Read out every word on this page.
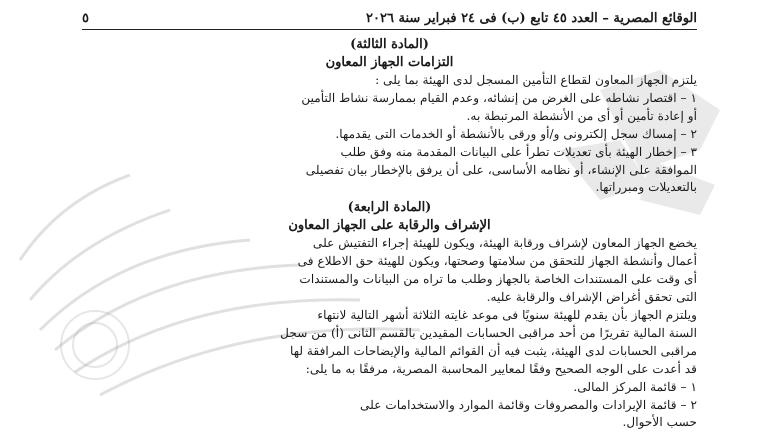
الوقائع المصرية – العدد ٤٥ تابع (ب) فى ٢٤ فبراير سنة ٢٠٢٦
٥
(المادة الثالثة)
التزامات الجهاز المعاون
يلتزم الجهاز المعاون لقطاع التأمين المسجل لدى الهيئة بما يلى :
١ – اقتصار نشاطه على الغرض من إنشائه، وعدم القيام بممارسة نشاط التأمين
أو إعادة تأمين أو أى من الأنشطة المرتبطة به.
٢ – إمساك سجل إلكترونى و/أو ورقى بالأنشطة أو الخدمات التى يقدمها.
٣ – إخطار الهيئة بأى تعديلات تطرأ على البيانات المقدمة منه وفق طلب
الموافقة على الإنشاء، أو نظامه الأساسى، على أن يرفق بالإخطار بيان تفصيلى
بالتعديلات ومبرراتها.
(المادة الرابعة)
الإشراف والرقابة على الجهاز المعاون
يخضع الجهاز المعاون لإشراف ورقابة الهيئة، ويكون للهيئة إجراء التفتيش على
أعمال وأنشطة الجهاز للتحقق من سلامتها وصحتها، ويكون للهيئة حق الاطلاع فى
أى وقت على المستندات الخاصة بالجهاز وطلب ما تراه من البيانات والمستندات
التى تحقق أغراض الإشراف والرقابة عليه.
ويلتزم الجهاز بأن يقدم للهيئة سنويًا فى موعد غايته الثلاثة أشهر التالية لانتهاء
السنة المالية تقريرًا من أحد مراقبى الحسابات المقيدين بالقسم الثانى (أ) من سجل
مراقبى الحسابات لدى الهيئة، يثبت فيه أن القوائم المالية والإيضاحات المرافقة لها
قد أعدت على الوجه الصحيح وفقًا لمعايير المحاسبة المصرية، مرفقًا به ما يلى:
١ – قائمة المركز المالى.
٢ – قائمة الإيرادات والمصروفات وقائمة الموارد والاستخدامات على
حسب الأحوال.
